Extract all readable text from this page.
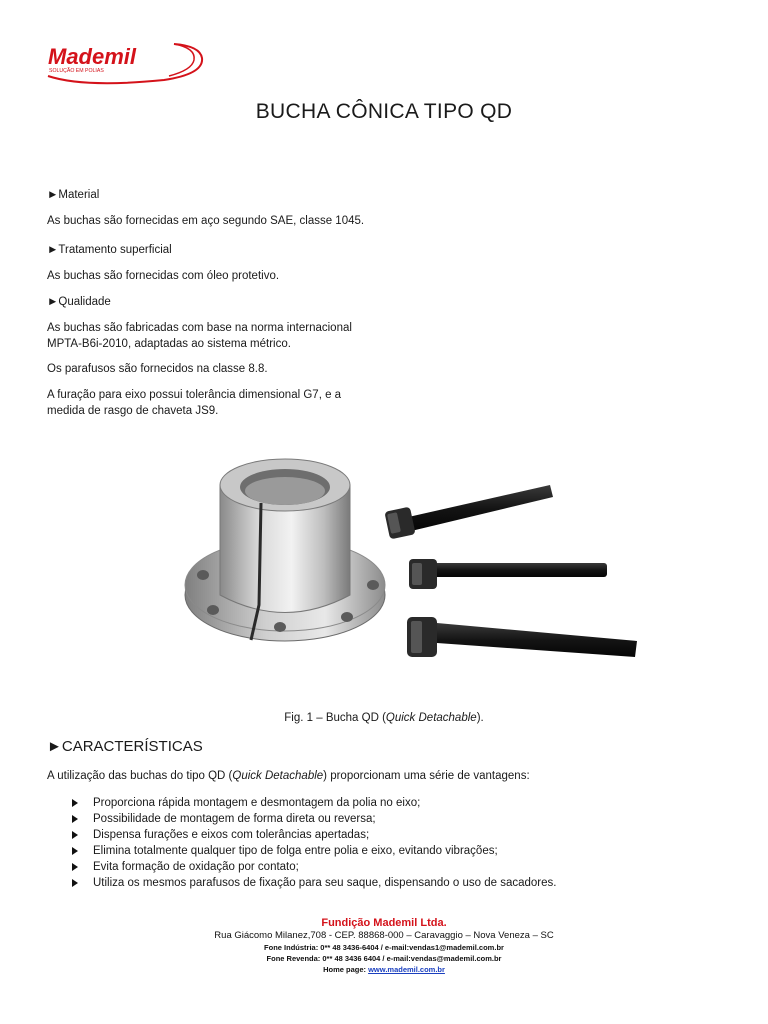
Mademil
SOLUÇÃO EM POLIAS
BUCHA CÔNICA TIPO QD
►Material
As buchas são fornecidas em aço segundo SAE, classe 1045.
►Tratamento superficial
As buchas são fornecidas com óleo protetivo.
►Qualidade
As buchas são fabricadas com base na norma internacional MPTA-B6i-2010, adaptadas ao sistema métrico.
Os parafusos são fornecidos na classe 8.8.
A furação para eixo possui tolerância dimensional G7, e a medida de rasgo de chaveta JS9.
Fig. 1 – Bucha QD (Quick Detachable).
►CARACTERÍSTICAS
A utilização das buchas do tipo QD (Quick Detachable) proporcionam uma série de vantagens:
Proporciona rápida montagem e desmontagem da polia no eixo;
Possibilidade de montagem de forma direta ou reversa;
Dispensa furações e eixos com tolerâncias apertadas;
Elimina totalmente qualquer tipo de folga entre polia e eixo, evitando vibrações;
Evita formação de oxidação por contato;
Utiliza os mesmos parafusos de fixação para seu saque, dispensando o uso de sacadores.
Fundição Mademil Ltda.
Rua Giácomo Milanez,708 - CEP. 88868-000 – Caravaggio – Nova Veneza – SC
Fone Indústria: 0** 48 3436-6404 / e-mail:vendas1@mademil.com.br
Fone Revenda: 0** 48 3436 6404 / e-mail:vendas@mademil.com.br
Home page: www.mademil.com.br
